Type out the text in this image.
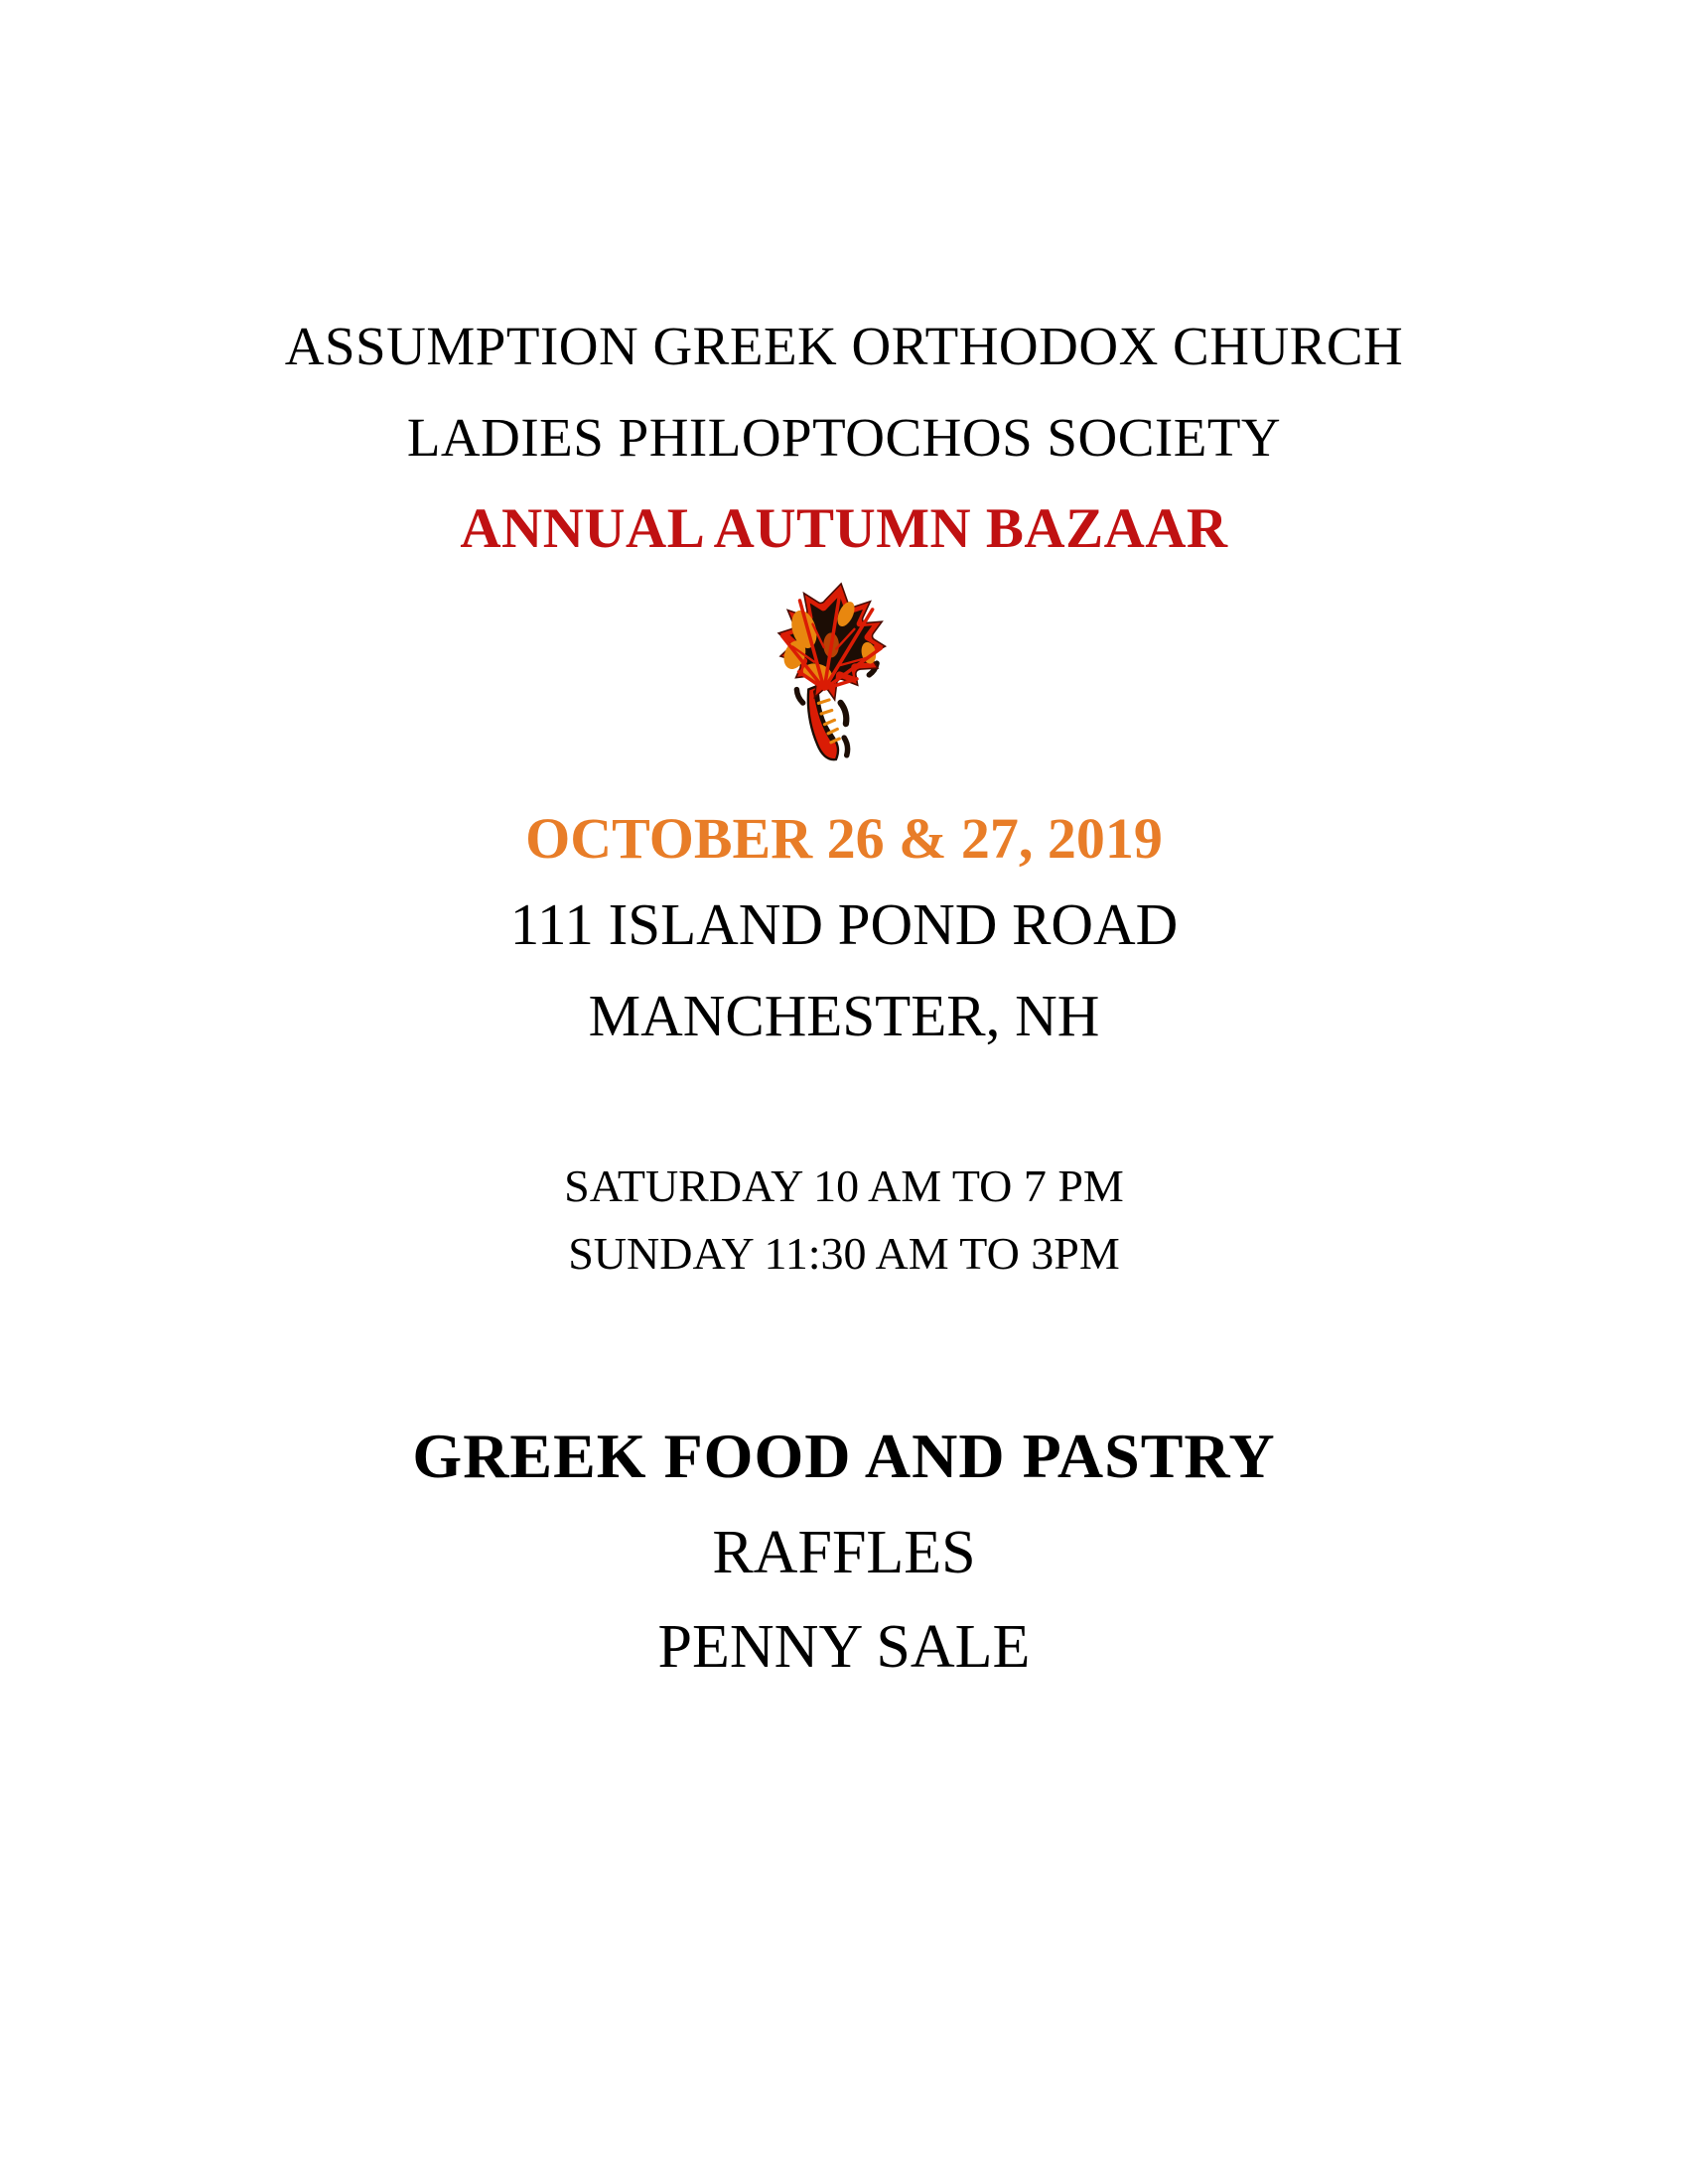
ASSUMPTION GREEK ORTHODOX CHURCH
LADIES PHILOPTOCHOS SOCIETY
ANNUAL AUTUMN BAZAAR
OCTOBER 26 & 27, 2019
111 ISLAND POND ROAD
MANCHESTER, NH
SATURDAY 10 AM TO 7 PM
SUNDAY 11:30 AM TO 3PM
GREEK FOOD AND PASTRY
RAFFLES
PENNY SALE
